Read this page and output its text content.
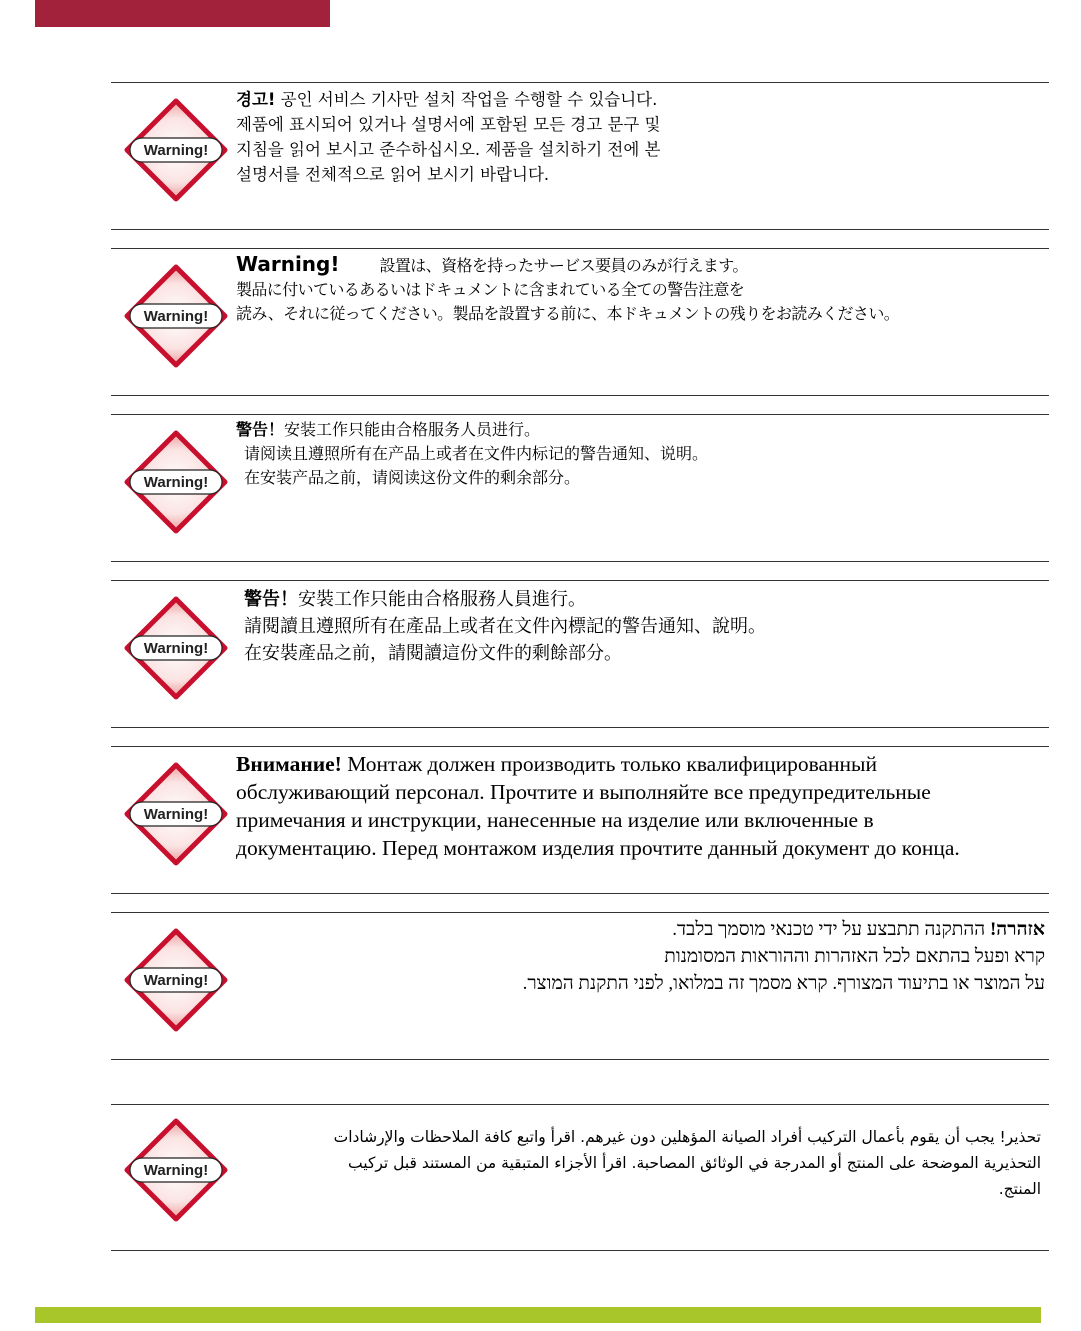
Warning!
Warning!
Warning!
Warning!
Warning!
Warning!
Warning!
경고! 공인 서비스 기사만 설치 작업을 수행할 수 있습니다.
제품에 표시되어 있거나 설명서에 포함된 모든 경고 문구 및
지침을 읽어 보시고 준수하십시오. 제품을 설치하기 전에 본
설명서를 전체적으로 읽어 보시기 바랍니다.
Warning!	設置は、資格を持ったサービス要員のみが行えます。
製品に付いているあるいはドキュメントに含まれている全ての警告注意を
読み、それに従ってください。製品を設置する前に、本ドキュメントの残りをお読みください。
警告！安装工作只能由合格服务人员进行。
请阅读且遵照所有在产品上或者在文件内标记的警告通知、说明。
在安装产品之前，请阅读这份文件的剩余部分。
警告！安裝工作只能由合格服務人員進行。
請閱讀且遵照所有在產品上或者在文件內標記的警告通知、說明。
在安裝產品之前，請閱讀這份文件的剩餘部分。
Внимание! Монтаж должен производить только квалифицированный
обслуживающий персонал. Прочтите и выполняйте все предупредительные
примечания и инструкции, нанесенные на изделие или включенные в
документацию. Перед монтажом изделия прочтите данный документ до конца.
אזהרה! ההתקנה תתבצע על ידי טכנאי מוסמך בלבד.
קרא ופעל בהתאם לכל האזהרות וההוראות המסומנות
על המוצר או בתיעוד המצורף. קרא מסמך זה במלואו, לפני התקנת המוצר.
تحذير! يجب أن يقوم بأعمال التركيب أفراد الصيانة المؤهلين دون غيرهم. اقرأ واتبع كافة الملاحظات والإرشادات
التحذيرية الموضحة على المنتج أو المدرجة في الوثائق المصاحبة. اقرأ الأجزاء المتبقية من المستند قبل تركيب
المنتج.
